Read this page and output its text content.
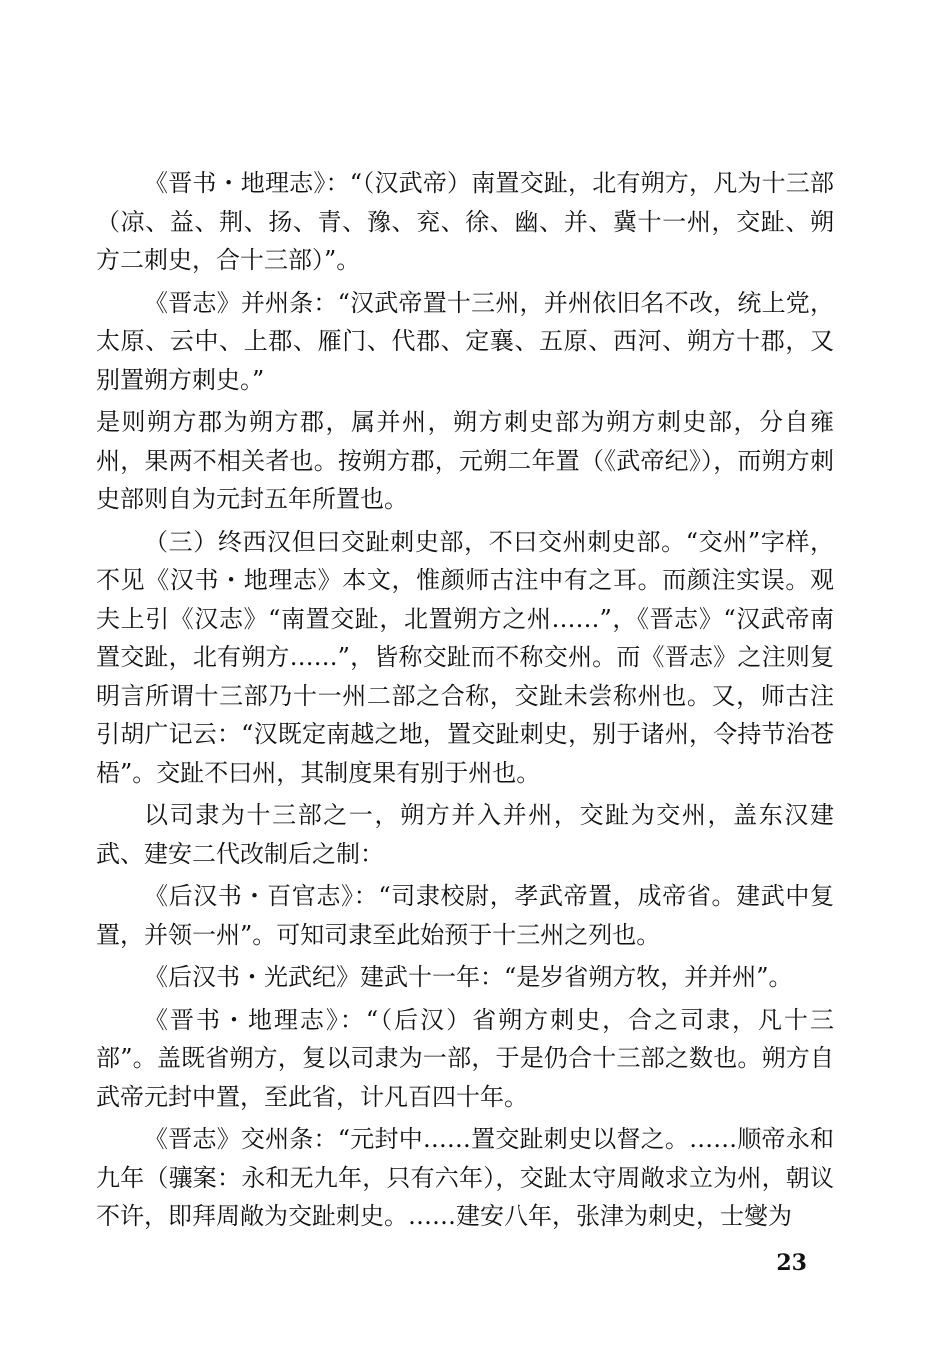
《晋书・地理志》：“（汉武帝）南置交趾，北有朔方，凡为十三部（凉、益、荆、扬、青、豫、兖、徐、幽、并、冀十一州，交趾、朔方二刺史，合十三部）”。

《晋志》并州条：“汉武帝置十三州，并州依旧名不改，统上党，太原、云中、上郡、雁门、代郡、定襄、五原、西河、朔方十郡，又别置朔方刺史。”

是则朔方郡为朔方郡，属并州，朔方刺史部为朔方刺史部，分自雍州，果两不相关者也。按朔方郡，元朔二年置（《武帝纪》），而朔方刺史部则自为元封五年所置也。

（三）终西汉但曰交趾刺史部，不曰交州刺史部。“交州”字样，不见《汉书・地理志》本文，惟颜师古注中有之耳。而颜注实误。观夫上引《汉志》“南置交趾，北置朔方之州……”，《晋志》“汉武帝南置交趾，北有朔方……”，皆称交趾而不称交州。而《晋志》之注则复明言所谓十三部乃十一州二部之合称，交趾未尝称州也。又，师古注引胡广记云：“汉既定南越之地，置交趾刺史，别于诸州，令持节治苍梧”。交趾不曰州，其制度果有别于州也。

以司隶为十三部之一，朔方并入并州，交趾为交州，盖东汉建武、建安二代改制后之制：

《后汉书・百官志》：“司隶校尉，孝武帝置，成帝省。建武中复置，并领一州”。可知司隶至此始预于十三州之列也。

《后汉书・光武纪》建武十一年：“是岁省朔方牧，并并州”。

《晋书・地理志》：“（后汉）省朔方刺史，合之司隶，凡十三部”。盖既省朔方，复以司隶为一部，于是仍合十三部之数也。朔方自武帝元封中置，至此省，计凡百四十年。

《晋志》交州条：“元封中……置交趾刺史以督之。……顺帝永和九年（骧案：永和无九年，只有六年），交趾太守周敞求立为州，朝议不许，即拜周敞为交趾刺史。……建安八年，张津为刺史，士燮为

23
